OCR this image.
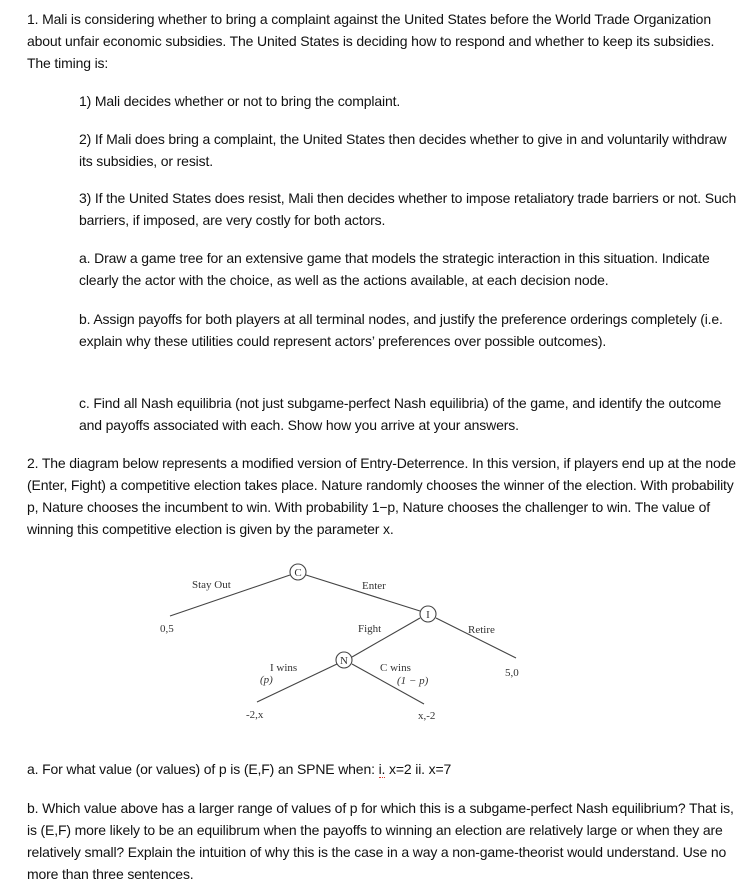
1. Mali is considering whether to bring a complaint against the United States before the World Trade Organization about unfair economic subsidies. The United States is deciding how to respond and whether to keep its subsidies. The timing is:

1) Mali decides whether or not to bring the complaint.

2) If Mali does bring a complaint, the United States then decides whether to give in and voluntarily withdraw its subsidies, or resist.

3) If the United States does resist, Mali then decides whether to impose retaliatory trade barriers or not. Such barriers, if imposed, are very costly for both actors.

a. Draw a game tree for an extensive game that models the strategic interaction in this situation. Indicate clearly the actor with the choice, as well as the actions available, at each decision node.

b. Assign payoffs for both players at all terminal nodes, and justify the preference orderings completely (i.e. explain why these utilities could represent actors’ preferences over possible outcomes).

c. Find all Nash equilibria (not just subgame-perfect Nash equilibria) of the game, and identify the outcome and payoffs associated with each. Show how you arrive at your answers.

2. The diagram below represents a modified version of Entry-Deterrence. In this version, if players end up at the node (Enter, Fight) a competitive election takes place. Nature randomly chooses the winner of the election. With probability p, Nature chooses the incumbent to win. With probability 1−p, Nature chooses the challenger to win. The value of winning this competitive election is given by the parameter x.

C
I
N
Stay Out	Enter
Fight	Retire
I wins
(p)
C wins
(1 − p)
0,5
5,0
-2,x	x,-2

a. For what value (or values) of p is (E,F) an SPNE when: i. x=2 ii. x=7

b. Which value above has a larger range of values of p for which this is a subgame-perfect Nash equilibrium? That is, is (E,F) more likely to be an equilibrum when the payoffs to winning an election are relatively large or when they are relatively small? Explain the intuition of why this is the case in a way a non-game-theorist would understand. Use no more than three sentences.
